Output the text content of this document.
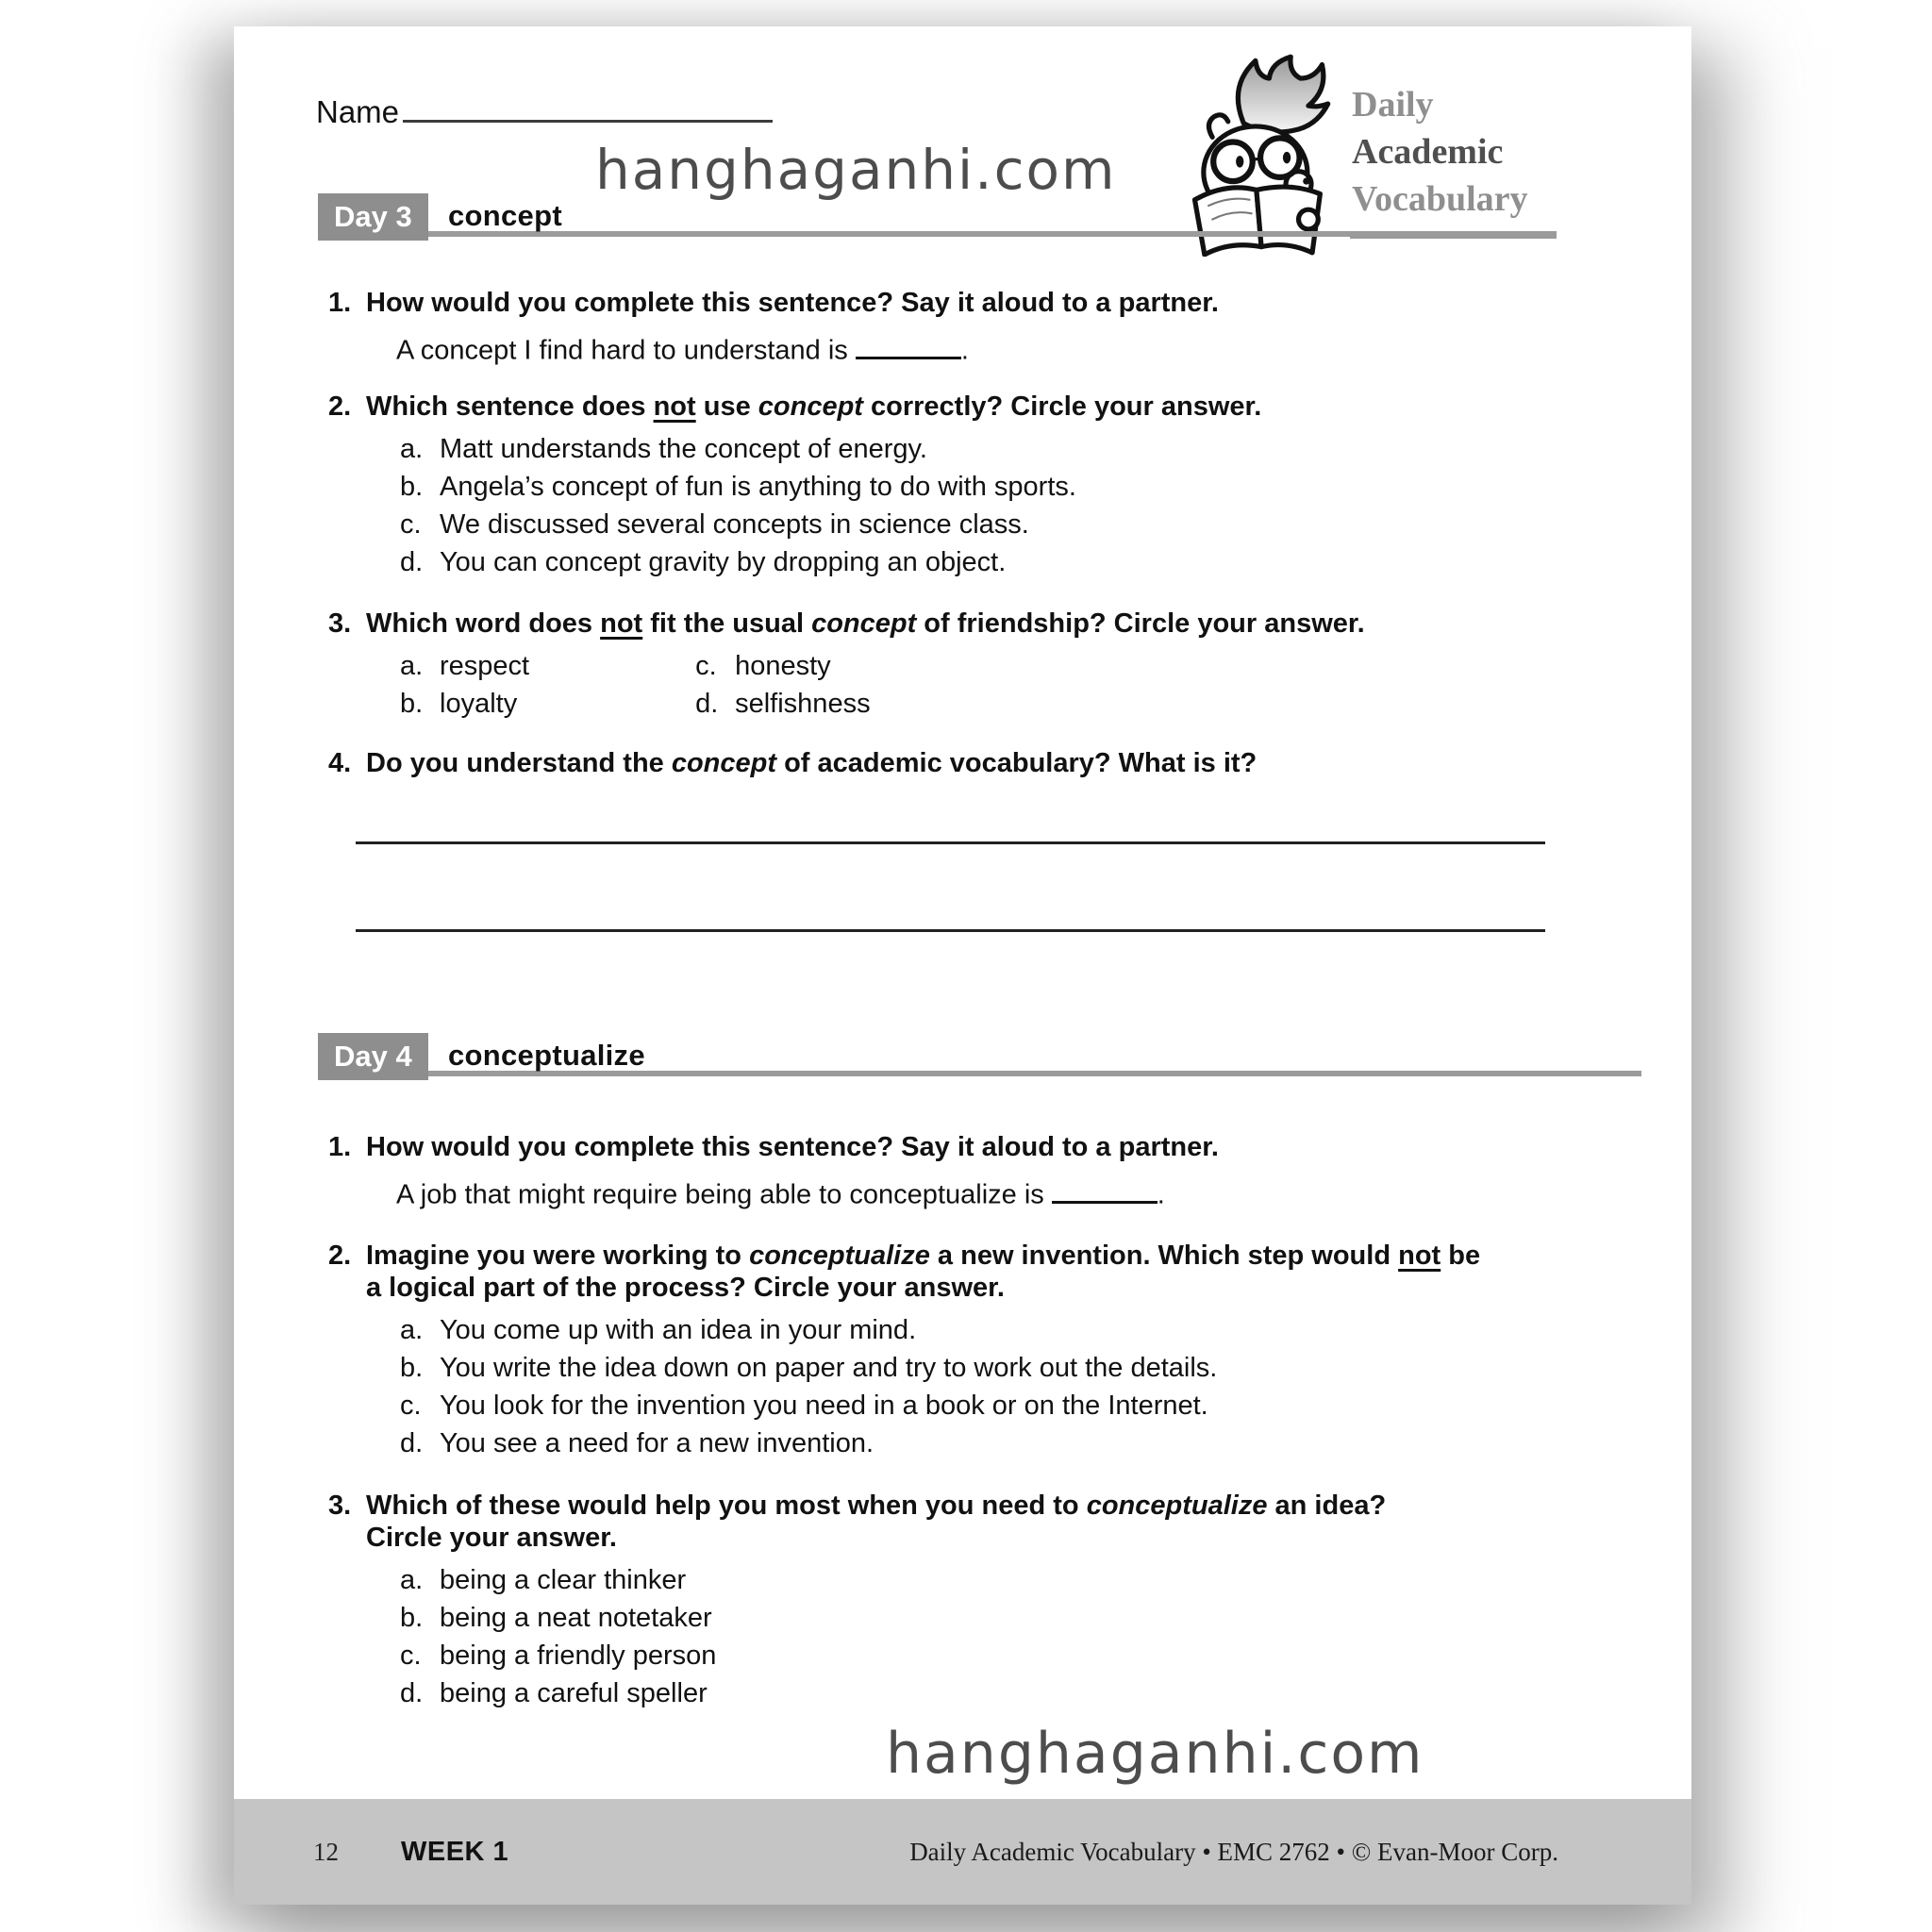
Name
hanghaganhi.com
Daily
Academic
Vocabulary
Day 3	concept
1. How would you complete this sentence? Say it aloud to a partner.
A concept I find hard to understand is	.
2. Which sentence does not use concept correctly? Circle your answer.
a. Matt understands the concept of energy.
b. Angela’s concept of fun is anything to do with sports.
c. We discussed several concepts in science class.
d. You can concept gravity by dropping an object.
3. Which word does not fit the usual concept of friendship? Circle your answer.
a. respect
b. loyalty
c. honesty
d. selfishness
4. Do you understand the concept of academic vocabulary? What is it?
Day 4	conceptualize
1. How would you complete this sentence? Say it aloud to a partner.
A job that might require being able to conceptualize is	.
2. Imagine you were working to conceptualize a new invention. Which step would not be
a logical part of the process? Circle your answer.
a. You come up with an idea in your mind.
b. You write the idea down on paper and try to work out the details.
c. You look for the invention you need in a book or on the Internet.
d. You see a need for a new invention.
3. Which of these would help you most when you need to conceptualize an idea?
Circle your answer.
a. being a clear thinker
b. being a neat notetaker
c. being a friendly person
d. being a careful speller
hanghaganhi.com
12 WEEK 1	Daily Academic Vocabulary • EMC 2762 • © Evan-Moor Corp.
